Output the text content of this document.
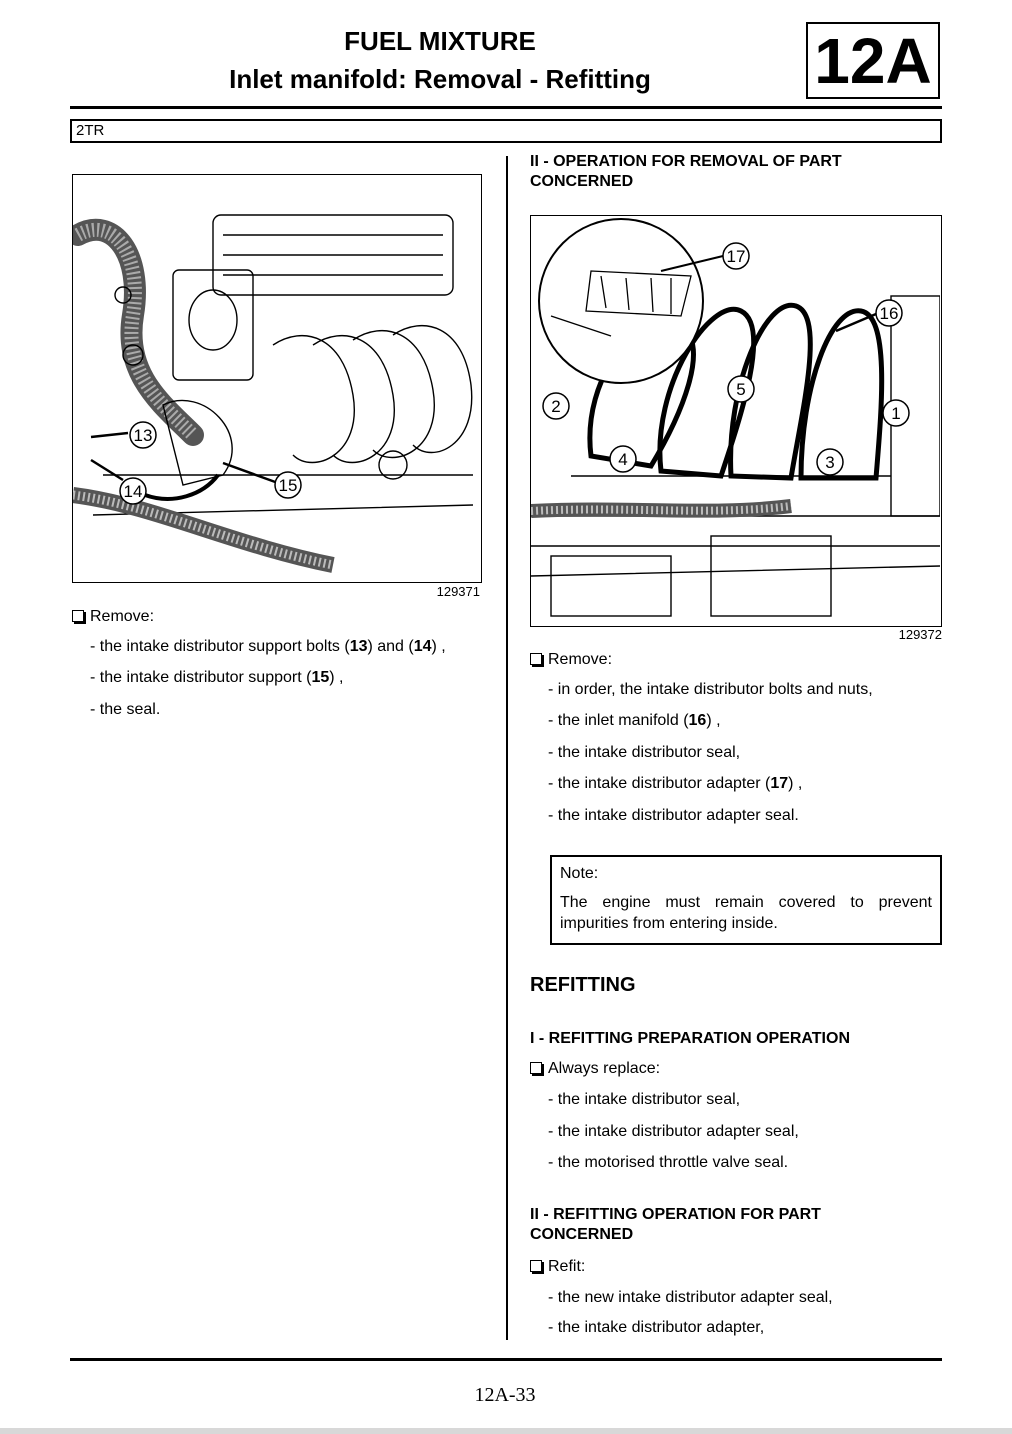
FUEL MIXTURE
Inlet manifold: Removal - Refitting	12A
2TR
13
14	15
129371
Remove:
- the intake distributor support bolts (13) and (14) ,
- the intake distributor support (15) ,
- the seal.
II - OPERATION FOR REMOVAL OF PART
CONCERNED
17
16
2
5
1
4	3
129372
Remove:
- in order, the intake distributor bolts and nuts,
- the inlet manifold (16) ,
- the intake distributor seal,
- the intake distributor adapter (17) ,
- the intake distributor adapter seal.
Note:
The engine must remain covered to prevent impurities from entering inside.
REFITTING
I - REFITTING PREPARATION OPERATION
Always replace:
- the intake distributor seal,
- the intake distributor adapter seal,
- the motorised throttle valve seal.
II - REFITTING OPERATION FOR PART
CONCERNED
Refit:
- the new intake distributor adapter seal,
- the intake distributor adapter,
12A-33
